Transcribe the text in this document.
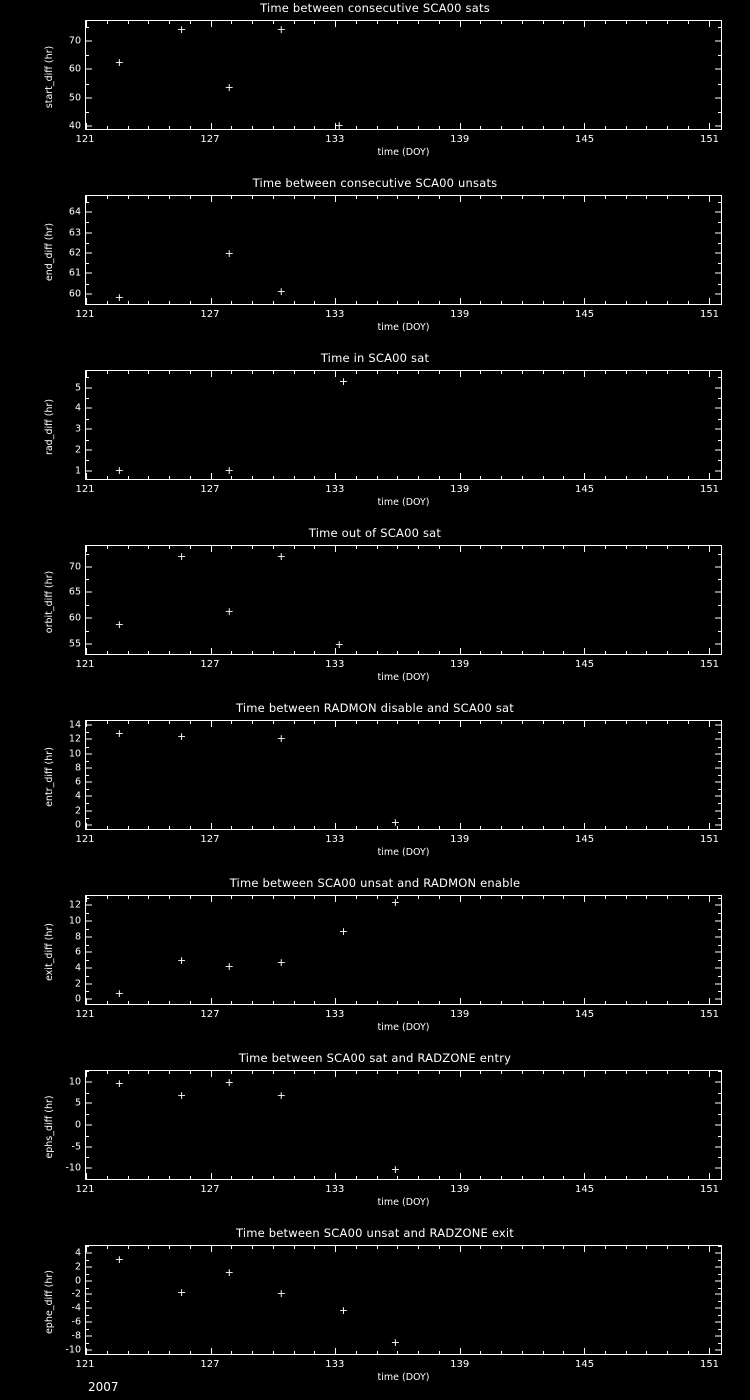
Time between consecutive SCA00 sats
40
50
60
70
+
+
+
+
+
121	127	133	139	145	151
time (DOY)
start_diff (hr)
Time between consecutive SCA00 unsats
60
61
62
63
64
+
+
+
121	127	133	139	145	151
time (DOY)
end_diff (hr)
Time in SCA00 sat
1
2
3
4
5
+
+
+
121	127	133	139	145	151
time (DOY)
rad_diff (hr)
Time out of SCA00 sat
55
60
65
70
+
+
+
+
+
121	127	133	139	145	151
time (DOY)
orbit_diff (hr)
Time between RADMON disable and SCA00 sat
0
2
4
6
8
10
12
14
+
+
+
+
121	127	133	139	145	151
time (DOY)
entr_diff (hr)
Time between SCA00 unsat and RADMON enable
0
2
4
6
8
10
12
+
+
+
+
+
+
121	127	133	139	145	151
time (DOY)
exit_diff (hr)
Time between SCA00 sat and RADZONE entry
-10
-5
0
5
10
+
+
+
+
+
121	127	133	139	145	151
time (DOY)
ephs_diff (hr)
Time between SCA00 unsat and RADZONE exit
-10
-8
-6
-4
-2
0
2
4
+
+
+
+
+
+
121	127	133	139	145	151
time (DOY)
ephe_diff (hr)
2007
